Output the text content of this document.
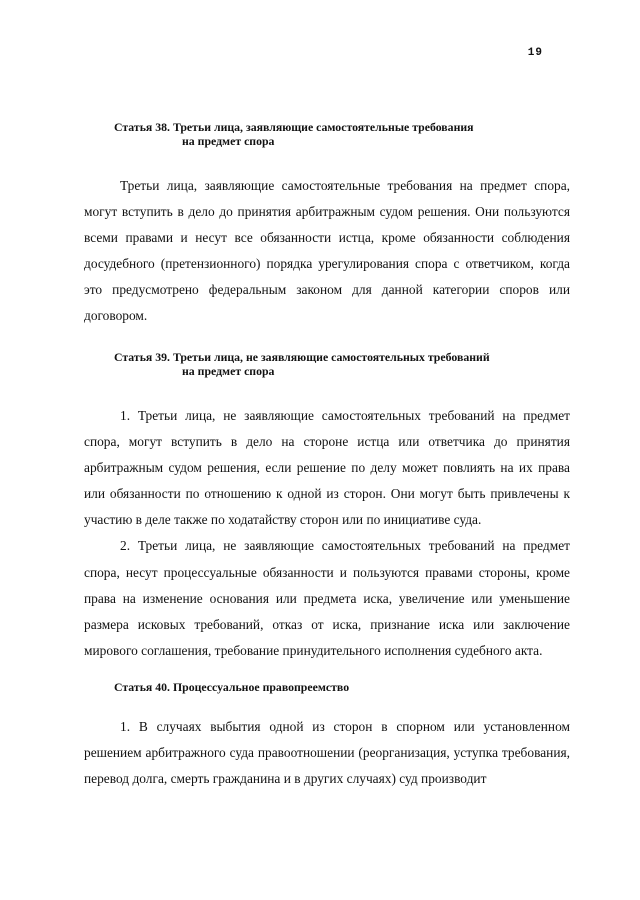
19
Статья 38. Третьи лица, заявляющие самостоятельные требования
на предмет спора

Третьи лица, заявляющие самостоятельные требования на предмет спора, могут вступить в дело до принятия арбитражным судом решения. Они пользуются всеми правами и несут все обязанности истца, кроме обязанности соблюдения досудебного (претензионного) порядка урегулирования спора с ответчиком, когда это предусмотрено федеральным законом для данной категории споров или договором.

Статья 39. Третьи лица, не заявляющие самостоятельных требований
на предмет спора

1. Третьи лица, не заявляющие самостоятельных требований на предмет спора, могут вступить в дело на стороне истца или ответчика до принятия арбитражным судом решения, если решение по делу может повлиять на их права или обязанности по отношению к одной из сторон. Они могут быть привлечены к участию в деле также по ходатайству сторон или по инициативе суда.

2. Третьи лица, не заявляющие самостоятельных требований на предмет спора, несут процессуальные обязанности и пользуются правами стороны, кроме права на изменение основания или предмета иска, увеличение или уменьшение размера исковых требований, отказ от иска, признание иска или заключение мирового соглашения, требование принудительного исполнения судебного акта.

Статья 40. Процессуальное правопреемство

1. В случаях выбытия одной из сторон в спорном или установленном решением арбитражного суда правоотношении (реорганизация, уступка требования, перевод долга, смерть гражданина и в других случаях) суд производит
